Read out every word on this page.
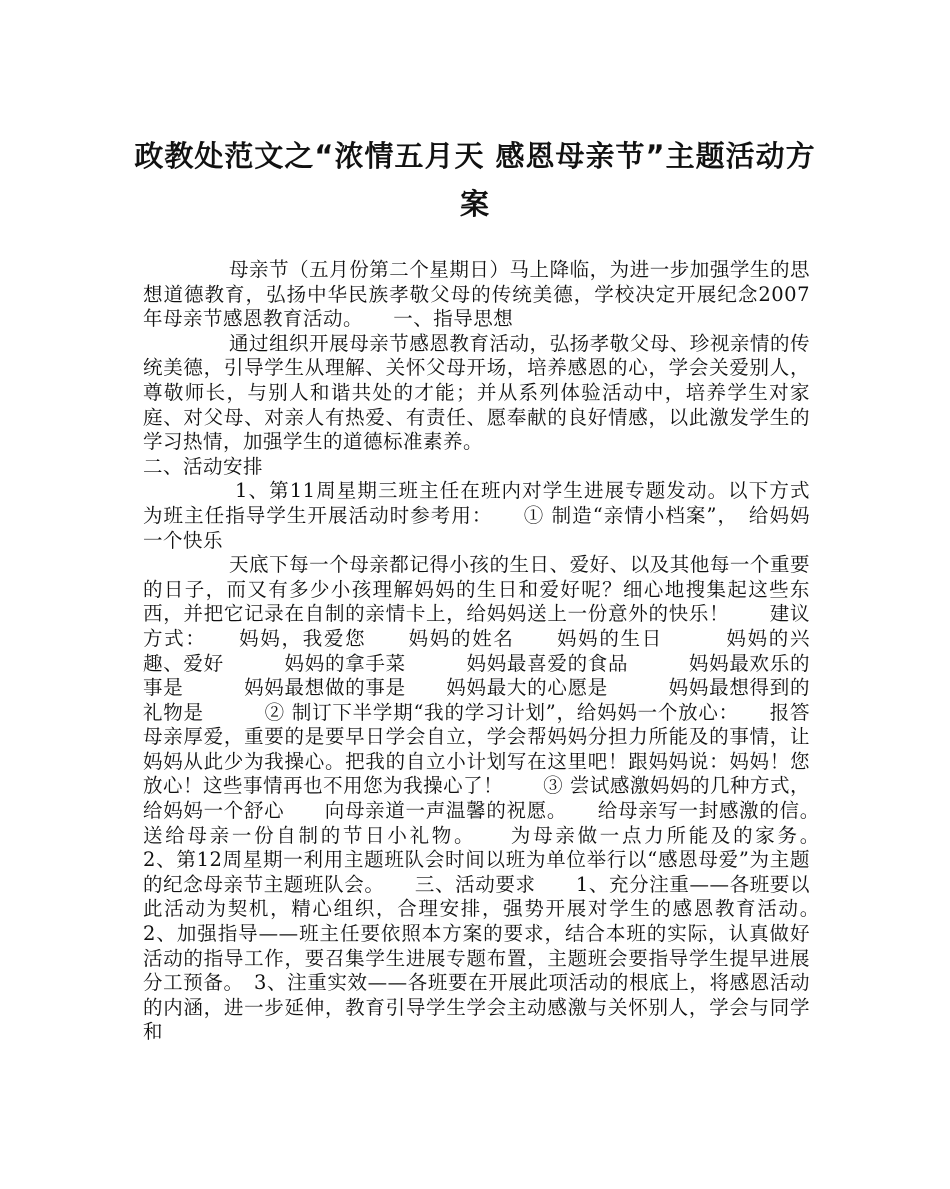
政教处范文之“浓情五月天 感恩母亲节”主题活动方案

母亲节（五月份第二个星期日）马上降临，为进一步加强学生的思想道德教育，弘扬中华民族孝敬父母的传统美德，学校决定开展纪念2007年母亲节感恩教育活动。　　一、指导思想

通过组织开展母亲节感恩教育活动，弘扬孝敬父母、珍视亲情的传统美德，引导学生从理解、关怀父母开场，培养感恩的心，学会关爱别人，尊敬师长，与别人和谐共处的才能；并从系列体验活动中，培养学生对家庭、对父母、对亲人有热爱、有责任、愿奉献的良好情感，以此激发学生的学习热情，加强学生的道德标准素养。

二、活动安排

1、第11周星期三班主任在班内对学生进展专题发动。以下方式为班主任指导学生开展活动时参考用：　　① 制造“亲情小档案”，　给妈妈一个快乐

天底下每一个母亲都记得小孩的生日、爱好、以及其他每一个重要的日子，而又有多少小孩理解妈妈的生日和爱好呢？细心地搜集起这些东西，并把它记录在自制的亲情卡上，给妈妈送上一份意外的快乐！　　建议方式：　　妈妈，我爱您　　妈妈的姓名　　妈妈的生日　　　妈妈的兴趣、爱好　　　妈妈的拿手菜　　　妈妈最喜爱的食品　　　妈妈最欢乐的事是　　　妈妈最想做的事是　　妈妈最大的心愿是　　　妈妈最想得到的礼物是　　　② 制订下半学期“我的学习计划”，给妈妈一个放心：　　报答母亲厚爱，重要的是要早日学会自立，学会帮妈妈分担力所能及的事情，让妈妈从此少为我操心。把我的自立小计划写在这里吧！跟妈妈说：妈妈！您放心！这些事情再也不用您为我操心了！　　③ 尝试感激妈妈的几种方式，给妈妈一个舒心　　向母亲道一声温馨的祝愿。　　给母亲写一封感激的信。　　送给母亲一份自制的节日小礼物。　　为母亲做一点力所能及的家务。　　2、第12周星期一利用主题班队会时间以班为单位举行以“感恩母爱”为主题的纪念母亲节主题班队会。　　三、活动要求　　1、充分注重——各班要以此活动为契机，精心组织，合理安排，强势开展对学生的感恩教育活动。　　2、加强指导——班主任要依照本方案的要求，结合本班的实际，认真做好活动的指导工作，要召集学生进展专题布置，主题班会要指导学生提早进展分工预备。　3、注重实效——各班要在开展此项活动的根底上，将感恩活动的内涵，进一步延伸，教育引导学生学会主动感激与关怀别人，学会与同学和
